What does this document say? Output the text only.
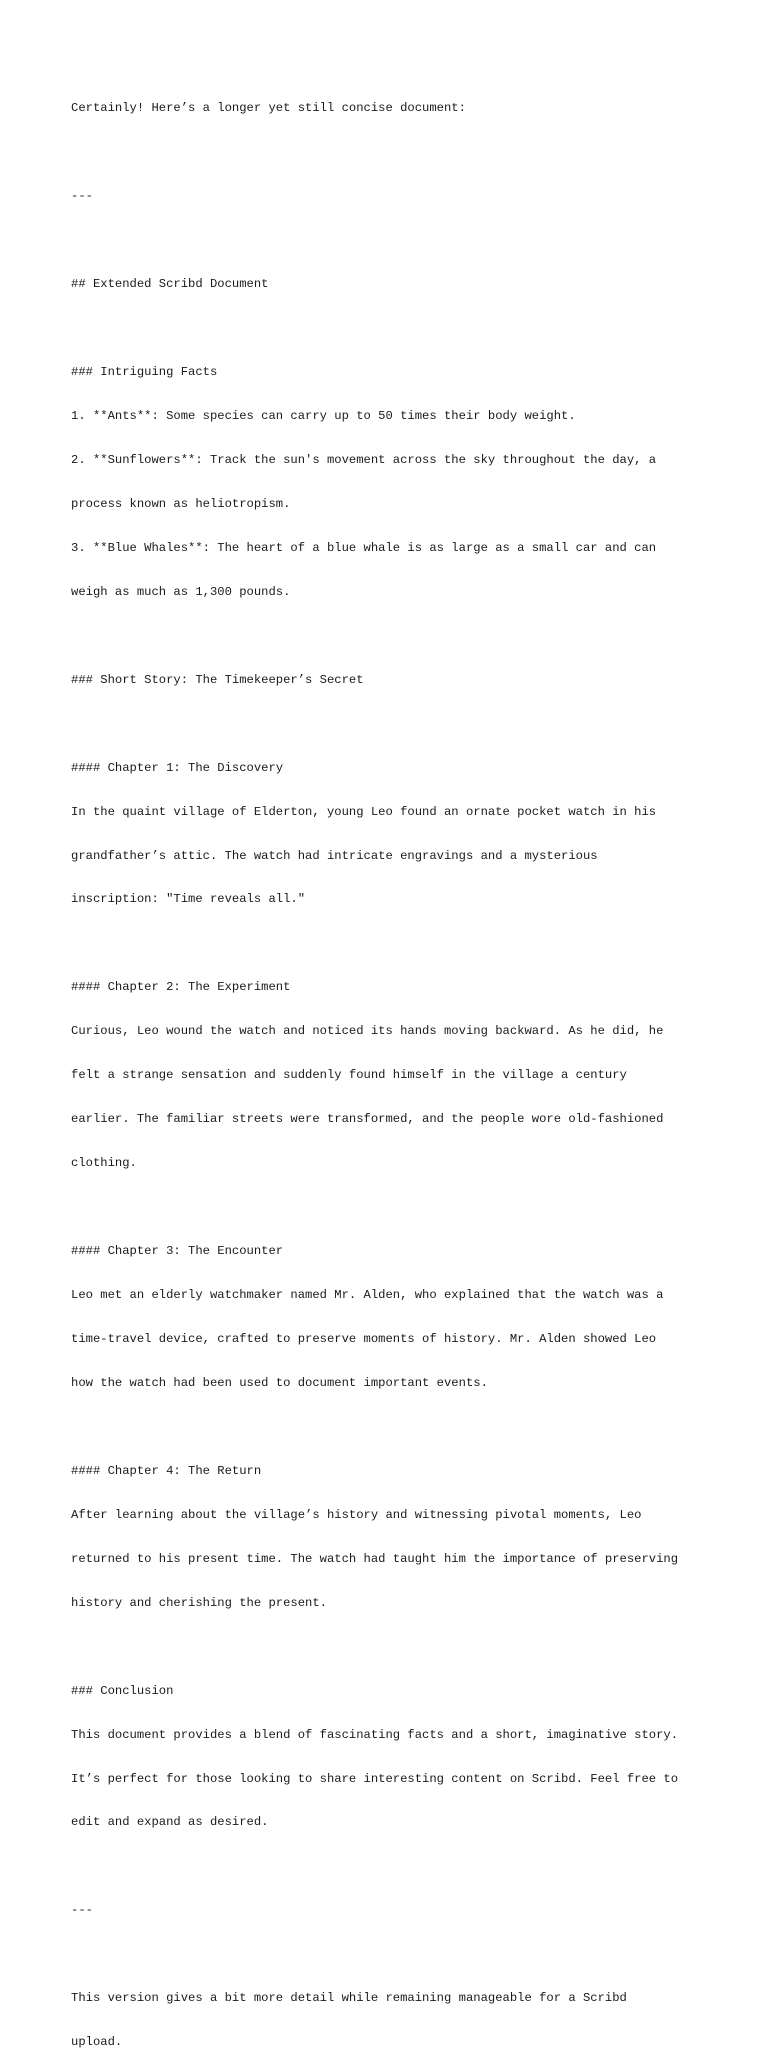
Certainly! Here’s a longer yet still concise document:

---

## Extended Scribd Document

### Intriguing Facts

1. **Ants**: Some species can carry up to 50 times their body weight.

2. **Sunflowers**: Track the sun's movement across the sky throughout the day, a

process known as heliotropism.

3. **Blue Whales**: The heart of a blue whale is as large as a small car and can

weigh as much as 1,300 pounds.

### Short Story: The Timekeeper’s Secret

#### Chapter 1: The Discovery

In the quaint village of Elderton, young Leo found an ornate pocket watch in his

grandfather’s attic. The watch had intricate engravings and a mysterious

inscription: "Time reveals all."

#### Chapter 2: The Experiment

Curious, Leo wound the watch and noticed its hands moving backward. As he did, he

felt a strange sensation and suddenly found himself in the village a century

earlier. The familiar streets were transformed, and the people wore old-fashioned

clothing.

#### Chapter 3: The Encounter

Leo met an elderly watchmaker named Mr. Alden, who explained that the watch was a

time-travel device, crafted to preserve moments of history. Mr. Alden showed Leo

how the watch had been used to document important events.

#### Chapter 4: The Return

After learning about the village’s history and witnessing pivotal moments, Leo

returned to his present time. The watch had taught him the importance of preserving

history and cherishing the present.

### Conclusion

This document provides a blend of fascinating facts and a short, imaginative story.

It’s perfect for those looking to share interesting content on Scribd. Feel free to

edit and expand as desired.

---

This version gives a bit more detail while remaining manageable for a Scribd

upload.
